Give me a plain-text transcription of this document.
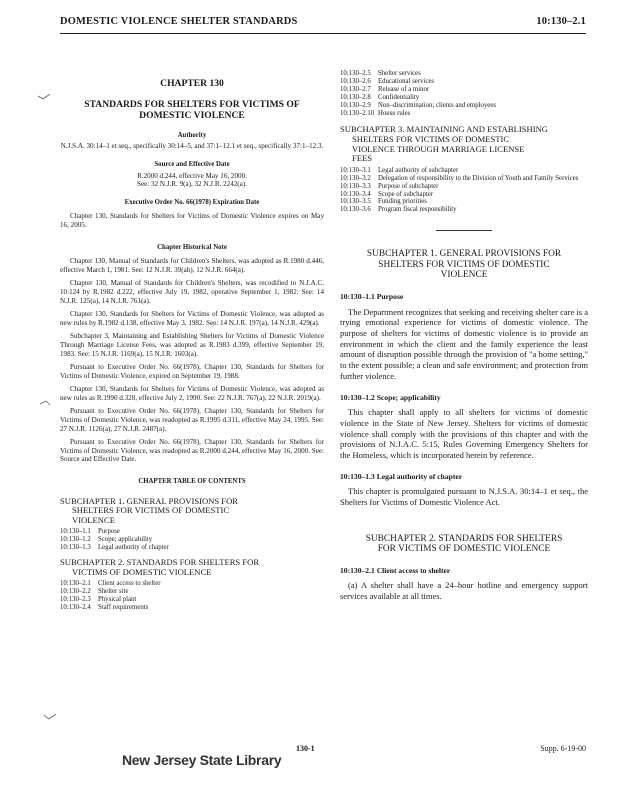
DOMESTIC VIOLENCE SHELTER STANDARDS	10:130–2.1
CHAPTER 130
STANDARDS FOR SHELTERS FOR VICTIMS OF DOMESTIC VIOLENCE
Authority
N.J.S.A. 30:14–1 et seq., specifically 30:14–5, and 37:1–12.1 et seq., specifically 37:1–12.3.
Source and Effective Date
R.2000 d.244, effective May 16, 2000.
See: 32 N.J.R. 9(a), 32 N.J.R. 2242(a).
Executive Order No. 66(1978) Expiration Date
Chapter 130, Standards for Shelters for Victims of Domestic Violence expires on May 16, 2005.
Chapter Historical Note
Chapter 130, Manual of Standards for Children's Shelters, was adopted as R.1980 d.446, effective March 1, 1981. See: 12 N.J.R. 39(ab), 12 N.J.R. 664(a).
Chapter 130, Manual of Standards for Children's Shelters, was recodified to N.J.A.C. 10:124 by R.1982 d.222, effective July 19, 1982, operative September 1, 1982. See: 14 N.J.R. 125(a), 14 N.J.R. 761(a).
Chapter 130, Standards for Shelters for Victims of Domestic Violence, was adopted as new rules by R.1982 d.138, effective May 3, 1982. See: 14 N.J.R. 197(a), 14 N.J.R. 429(a).
Subchapter 3, Maintaining and Establishing Shelters for Victims of Domestic Violence Through Marriage License Fees, was adopted as R.1983 d.399, effective September 19, 1983. See: 15 N.J.R. 1169(a), 15 N.J.R. 1603(a).
Pursuant to Executive Order No. 66(1978), Chapter 130, Standards for Shelters for Victims of Domestic Violence, expired on September 19, 1988.
Chapter 130, Standards for Shelters for Victims of Domestic Violence, was adopted as new rules as R.1990 d.328, effective July 2, 1990. See: 22 N.J.R. 767(a), 22 N.J.R. 2019(a).
Pursuant to Executive Order No. 66(1978), Chapter 130, Standards for Shelters for Victims of Domestic Violence, was readopted as R.1995 d.311, effective May 24, 1995. See: 27 N.J.R. 1126(a), 27 N.J.R. 2487(a).
Pursuant to Executive Order No. 66(1978), Chapter 130, Standards for Shelters for Victims of Domestic Violence, was readopted as R.2000 d.244, effective May 16, 2000. See: Source and Effective Date.
CHAPTER TABLE OF CONTENTS
SUBCHAPTER 1. GENERAL PROVISIONS FOR
SHELTERS FOR VICTIMS OF DOMESTIC
VIOLENCE
10:130–1.1	Purpose
10:130–1.2	Scope; applicability
10:130–1.3	Legal authority of chapter
SUBCHAPTER 2. STANDARDS FOR SHELTERS FOR
VICTIMS OF DOMESTIC VIOLENCE
10:130–2.1	Client access to shelter
10:130–2.2	Shelter site
10:130–2.3	Physical plant
10:130–2.4	Staff requirements
10:130–2.5	Shelter services
10:130–2.6	Educational services
10:130–2.7	Release of a minor
10:130–2.8	Confidentiality
10:130–2.9	Non–discrimination; clients and employees
10:130–2.10 House rules
SUBCHAPTER 3. MAINTAINING AND ESTABLISHING
SHELTERS FOR VICTIMS OF DOMESTIC
VIOLENCE THROUGH MARRIAGE LICENSE
FEES
10:130–3.1	Legal authority of subchapter
10:130–3.2	Delegation of responsibility to the Division of Youth and Family Services
10:130–3.3	Purpose of subchapter
10:130–3.4	Scope of subchapter
10:130–3.5	Funding priorities
10:130–3.6	Program fiscal responsibility
SUBCHAPTER 1. GENERAL PROVISIONS FOR
SHELTERS FOR VICTIMS OF DOMESTIC
VIOLENCE
10:130–1.1 Purpose
The Department recognizes that seeking and receiving shelter care is a trying emotional experience for victims of domestic violence. The purpose of shelters for victims of domestic violence is to provide an environment in which the client and the family experience the least amount of disruption possible through the provision of "a home setting," to the extent possible; a clean and safe environment; and protection from further violence.
10:130–1.2 Scope; applicability
This chapter shall apply to all shelters for victims of domestic violence in the State of New Jersey. Shelters for victims of domestic violence shall comply with the provisions of this chapter and with the provisions of N.J.A.C. 5:15, Rules Governing Emergency Shelters for the Homeless, which is incorporated herein by reference.
10:130–1.3 Legal authority of chapter
This chapter is promulgated pursuant to N.J.S.A. 30:14–1 et seq., the Shelters for Victims of Domestic Violence Act.
SUBCHAPTER 2. STANDARDS FOR SHELTERS
FOR VICTIMS OF DOMESTIC VIOLENCE
10:130–2.1 Client access to shelter
(a) A shelter shall have a 24–hour hotline and emergency support services available at all times.
130-1	Supp. 6-19-00
New Jersey State Library
